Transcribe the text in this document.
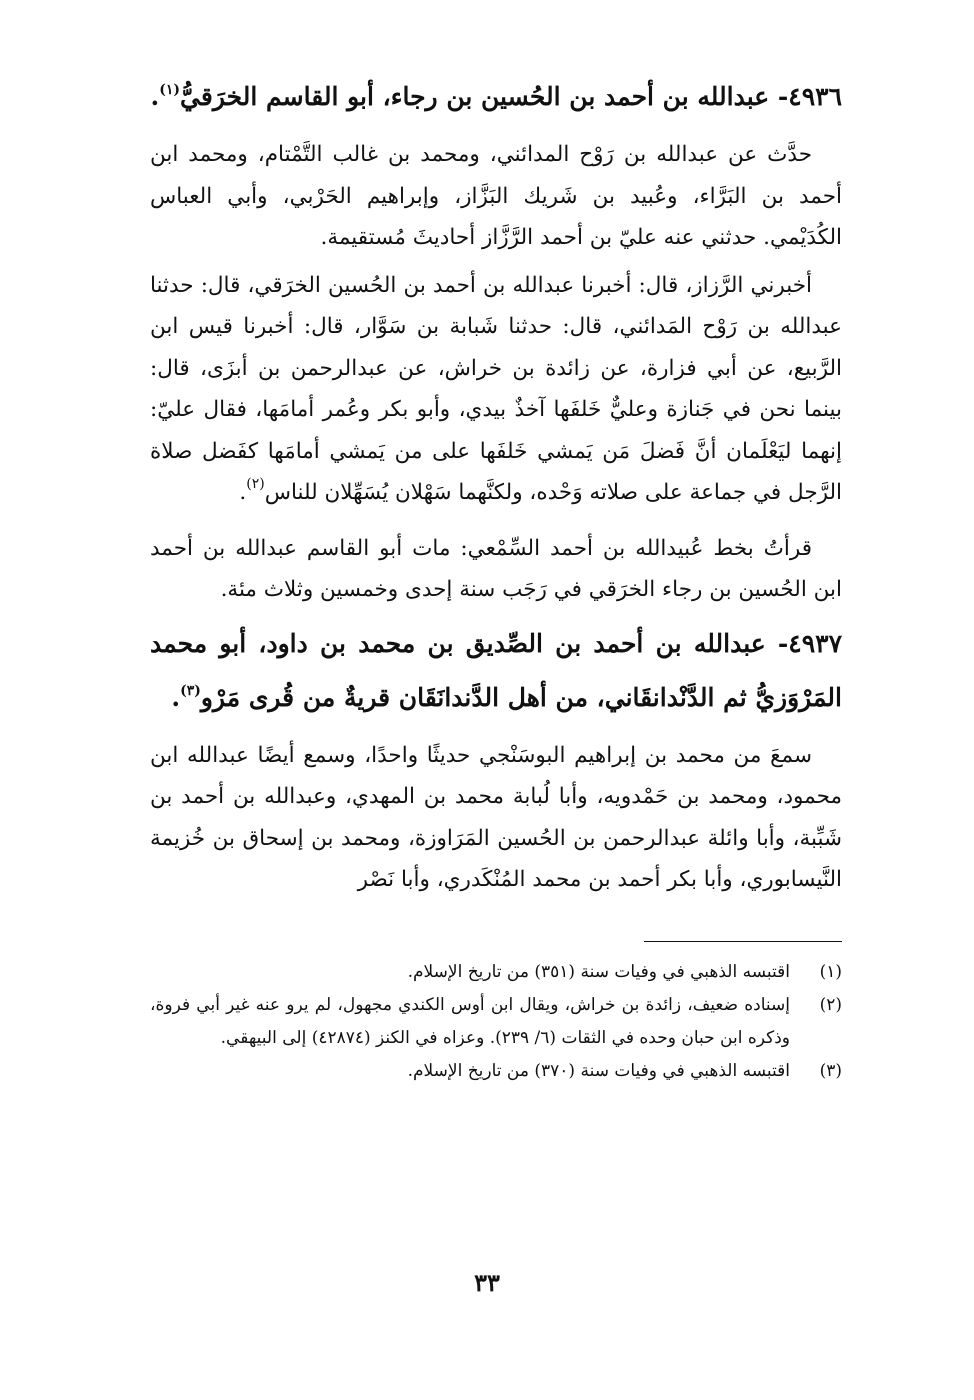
٤٩٣٦- عبدالله بن أحمد بن الحُسين بن رجاء، أبو القاسم الخرَقيُّ$^{(١)}$.

حدَّث عن عبدالله بن رَوْح المدائني، ومحمد بن غالب التَّمْتام، ومحمد ابن أحمد بن البَرَّاء، وعُبيد بن شَريك البَزَّاز، وإبراهيم الحَرْبي، وأبي العباس الكُدَيْمي. حدثني عنه عليّ بن أحمد الرَّزَّاز أحاديثَ مُستقيمة.

أخبرني الرَّزاز، قال: أخبرنا عبدالله بن أحمد بن الحُسين الخرَقي، قال: حدثنا عبدالله بن رَوْح المَدائني، قال: حدثنا شَبابة بن سَوَّار، قال: أخبرنا قيس ابن الرَّبيع، عن أبي فزارة، عن زائدة بن خراش، عن عبدالرحمن بن أبزَى، قال: بينما نحن في جَنازة وعليٌّ خَلفَها آخذٌ بيدي، وأبو بكر وعُمر أمامَها، فقال عليّ: إنهما ليَعْلَمان أنَّ فَضلَ مَن يَمشي خَلفَها على من يَمشي أمامَها كفَضل صلاة الرَّجل في جماعة على صلاته وَحْده، ولكنَّهما سَهْلان يُسَهِّلان للناس$^{(٢)}$.

قرأتُ بخط عُبيدالله بن أحمد السِّمْعي: مات أبو القاسم عبدالله بن أحمد ابن الحُسين بن رجاء الخرَقي في رَجَب سنة إحدى وخمسين وثلاث مئة.

٤٩٣٧- عبدالله بن أحمد بن الصِّديق بن محمد بن داود، أبو محمد المَرْوَزيُّ ثم الدَّنْدانقَاني، من أهل الدَّندانَقَان قريةٌ من قُرى مَرْو$^{(٣)}$.

سمعَ من محمد بن إبراهيم البوسَنْجي حديثًا واحدًا، وسمع أيضًا عبدالله ابن محمود، ومحمد بن حَمْدويه، وأبا لُبابة محمد بن المهدي، وعبدالله بن أحمد بن شَبِّبة، وأبا وائلة عبدالرحمن بن الحُسين المَرَاوزة، ومحمد بن إسحاق بن خُزيمة النَّيسابوري، وأبا بكر أحمد بن محمد المُنْكَدري، وأبا نَصْر

(١)
اقتبسه الذهبي في وفيات سنة (٣٥١) من تاريخ الإسلام.
(٢)
إسناده ضعيف، زائدة بن خراش، ويقال ابن أوس الكندي مجهول، لم يرو عنه غير أبي فروة، وذكره ابن حبان وحده في الثقات (٦/ ٢٣٩). وعزاه في الكنز (٤٢٨٧٤) إلى البيهقي.
(٣)
اقتبسه الذهبي في وفيات سنة (٣٧٠) من تاريخ الإسلام.
٣٣
